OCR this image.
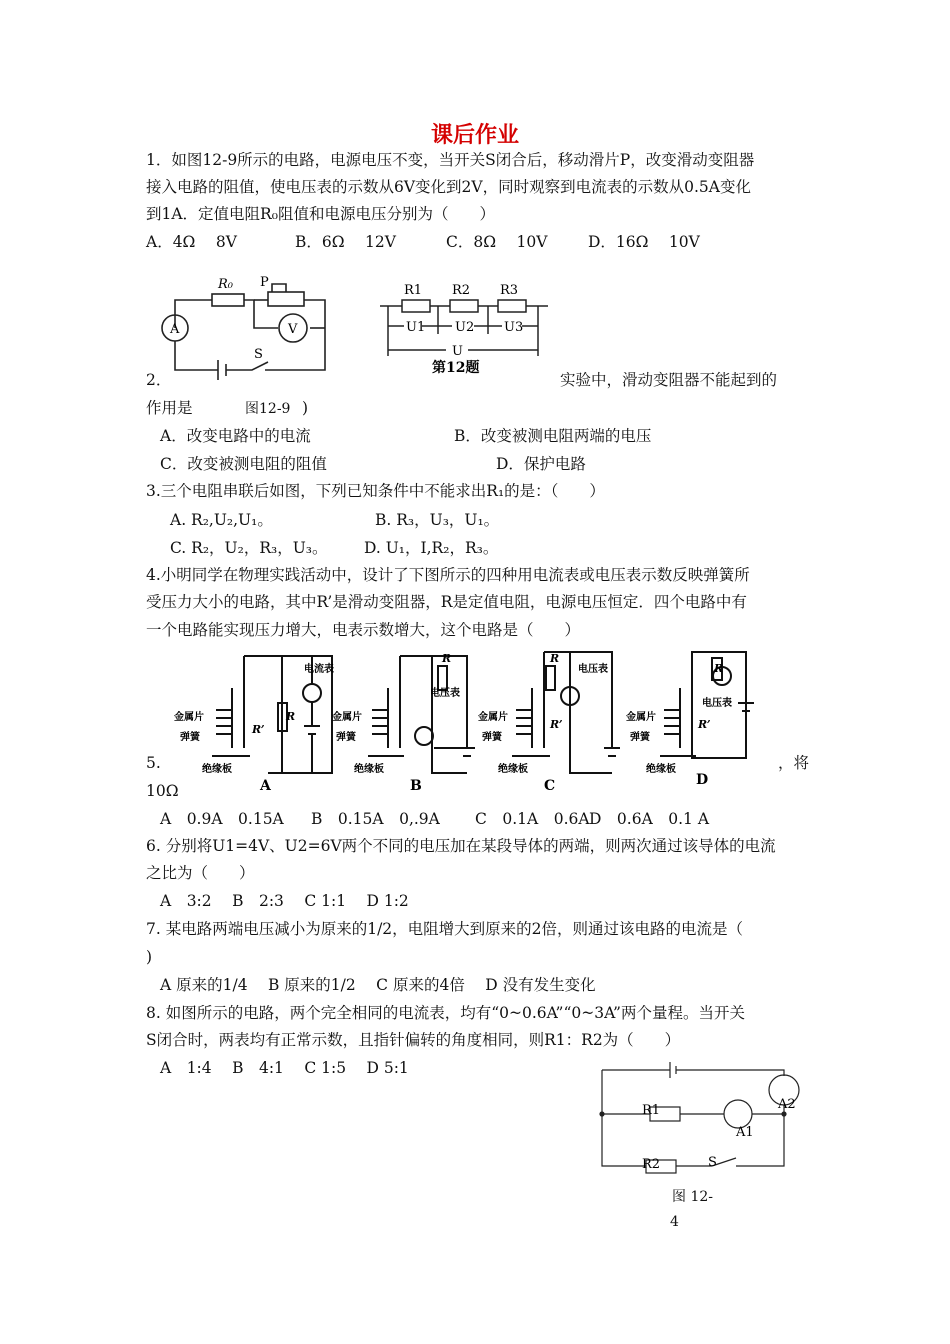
课后作业
1．如图12-9所示的电路，电源电压不变，当开关S闭合后，移动滑片P，改变滑动变阻器
接入电路的阻值，使电压表的示数从6V变化到2V，同时观察到电流表的示数从0.5A变化
到1A．定值电阻R₀阻值和电源电压分别为（　　）
A．4Ω　 8V	B．6Ω　 12V	C．8Ω　 10V	D．16Ω　 10V
R₀ P
A	V
S
R1 R2 R3
U1 U2 U3
U
第12题
2．	实验中，滑动变阻器不能起到的
作用是	图12-9 )
A．改变电路中的电流	B．改变被测电阻两端的电压
C．改变被测电阻的阻值	D．保护电路
3.三个电阻串联后如图，下列已知条件中不能求出R₁的是：（　　）
A. R₂,U₂,U₁。	B. R₃，U₃，U₁。
C. R₂，U₂，R₃，U₃。 D. U₁，I,R₂，R₃。
4.小明同学在物理实践活动中，设计了下图所示的四种用电流表或电压表示数反映弹簧所
受压力大小的电路，其中R’是滑动变阻器，R是定值电阻，电源电压恒定．四个电路中有
一个电路能实现压力增大，电表示数增大，这个电路是（　　）
电流表
R
R’
金属片
弹簧
绝缘板
A
电压表
R
金属片
弹簧
绝缘板
B
电压表
R
R’
金属片
弹簧
绝缘板
C
电压表
R
R’
金属片
弹簧
绝缘板
D
5.	，将
10Ω
A　0.9A　0.15A B　0.15A　0,.9A C　0.1A　0.6A D　0.6A　0.1 A
6. 分别将U1=4V、U2=6V两个不同的电压加在某段导体的两端，则两次通过该导体的电流
之比为（　　）
A　3:2　 B　2:3　 C 1:1　 D 1:2
7. 某电路两端电压减小为原来的1/2，电阻增大到原来的2倍，则通过该电路的电流是（
)
A 原来的1/4　 B 原来的1/2　 C 原来的4倍　 D 没有发生变化
8. 如图所示的电路，两个完全相同的电流表，均有“0~0.6A”“0~3A”两个量程。当开关
S闭合时，两表均有正常示数，且指针偏转的角度相同，则R1：R2为（　　）
A　1:4　 B　4:1　 C 1:5　 D 5:1
R1
R2
A1
A2
S
图 12-
4
